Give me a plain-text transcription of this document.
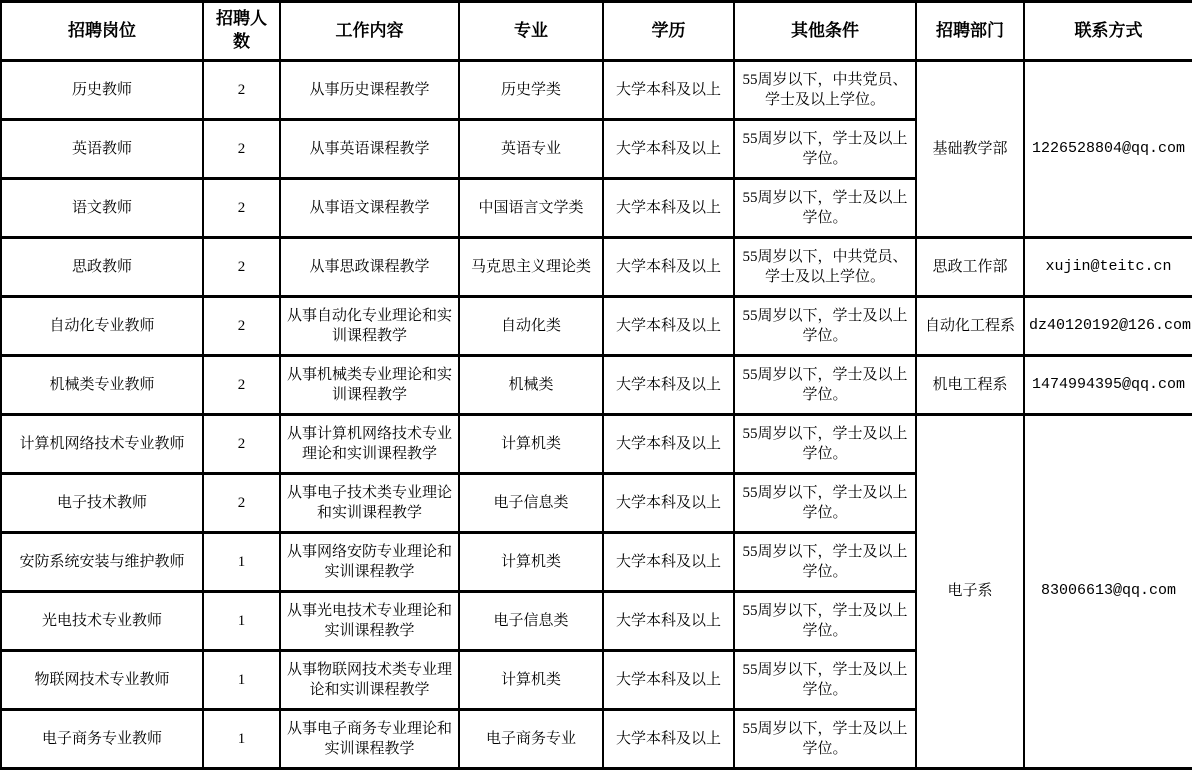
招聘岗位	招聘人数	工作内容	专业	学历	其他条件	招聘部门	联系方式
历史教师	2	从事历史课程教学	历史学类	大学本科及以上	55周岁以下，中共党员、学士及以上学位。	基础教学部	1226528804@qq.com
英语教师	2	从事英语课程教学	英语专业	大学本科及以上	55周岁以下，学士及以上学位。		
语文教师	2	从事语文课程教学	中国语言文学类	大学本科及以上	55周岁以下，学士及以上学位。		
思政教师	2	从事思政课程教学	马克思主义理论类	大学本科及以上	55周岁以下，中共党员、学士及以上学位。	思政工作部	xujin@teitc.cn
自动化专业教师	2	从事自动化专业理论和实训课程教学	自动化类	大学本科及以上	55周岁以下，学士及以上学位。	自动化工程系	dz40120192@126.com
机械类专业教师	2	从事机械类专业理论和实训课程教学	机械类	大学本科及以上	55周岁以下，学士及以上学位。	机电工程系	1474994395@qq.com
计算机网络技术专业教师	2	从事计算机网络技术专业理论和实训课程教学	计算机类	大学本科及以上	55周岁以下，学士及以上学位。	电子系	83006613@qq.com
电子技术教师	2	从事电子技术类专业理论和实训课程教学	电子信息类	大学本科及以上	55周岁以下，学士及以上学位。		
安防系统安装与维护教师	1	从事网络安防专业理论和实训课程教学	计算机类	大学本科及以上	55周岁以下，学士及以上学位。		
光电技术专业教师	1	从事光电技术专业理论和实训课程教学	电子信息类	大学本科及以上	55周岁以下，学士及以上学位。		
物联网技术专业教师	1	从事物联网技术类专业理论和实训课程教学	计算机类	大学本科及以上	55周岁以下，学士及以上学位。		
电子商务专业教师	1	从事电子商务专业理论和实训课程教学	电子商务专业	大学本科及以上	55周岁以下，学士及以上学位。		
